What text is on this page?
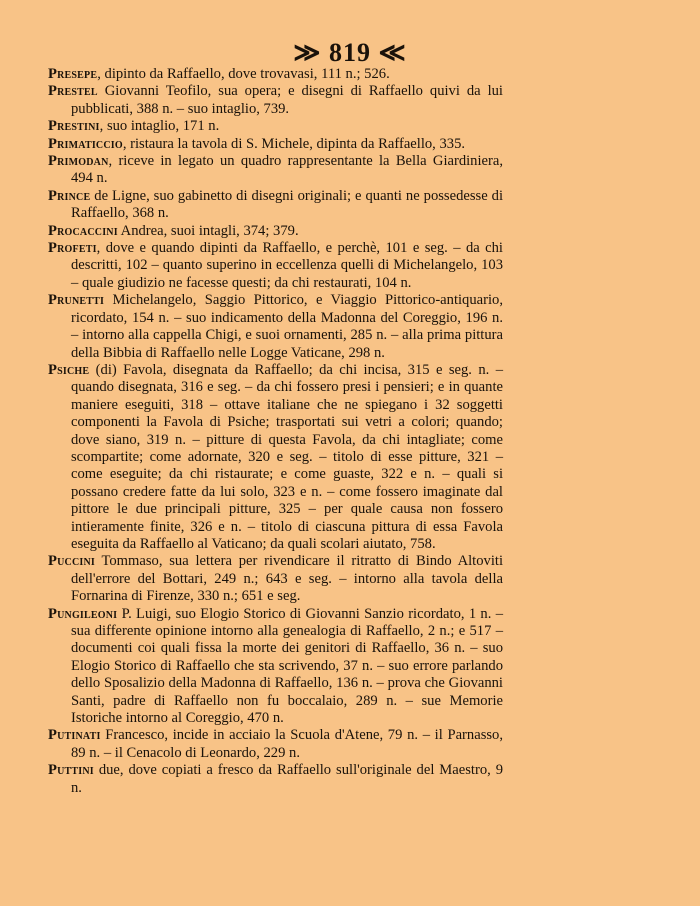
≫ 819 ≪

Presepe, dipinto da Raffaello, dove trovavasi, 111 n.; 526.

Prestel Giovanni Teofilo, sua opera; e disegni di Raffaello quivi da lui pubblicati, 388 n. – suo intaglio, 739.

Prestini, suo intaglio, 171 n.

Primaticcio, ristaura la tavola di S. Michele, dipinta da Raffaello, 335.

Primodan, riceve in legato un quadro rappresentante la Bella Giardiniera, 494 n.

Prince de Ligne, suo gabinetto di disegni originali; e quanti ne possedesse di Raffaello, 368 n.

Procaccini Andrea, suoi intagli, 374; 379.

Profeti, dove e quando dipinti da Raffaello, e perchè, 101 e seg. – da chi descritti, 102 – quanto superino in eccellenza quelli di Michelangelo, 103 – quale giudizio ne facesse questi; da chi restaurati, 104 n.

Prunetti Michelangelo, Saggio Pittorico, e Viaggio Pittorico-antiquario, ricordato, 154 n. – suo indicamento della Madonna del Coreggio, 196 n. – intorno alla cappella Chigi, e suoi ornamenti, 285 n. – alla prima pittura della Bibbia di Raffaello nelle Logge Vaticane, 298 n.

Psiche (di) Favola, disegnata da Raffaello; da chi incisa, 315 e seg. n. – quando disegnata, 316 e seg. – da chi fossero presi i pensieri; e in quante maniere eseguiti, 318 – ottave italiane che ne spiegano i 32 soggetti componenti la Favola di Psiche; trasportati sui vetri a colori; quando; dove siano, 319 n. – pitture di questa Favola, da chi intagliate; come scompartite; come adornate, 320 e seg. – titolo di esse pitture, 321 – come eseguite; da chi ristaurate; e come guaste, 322 e n. – quali si possano credere fatte da lui solo, 323 e n. – come fossero imaginate dal pittore le due principali pitture, 325 – per quale causa non fossero intieramente finite, 326 e n. – titolo di ciascuna pittura di essa Favola eseguita da Raffaello al Vaticano; da quali scolari aiutato, 758.

Puccini Tommaso, sua lettera per rivendicare il ritratto di Bindo Altoviti dell'errore del Bottari, 249 n.; 643 e seg. – intorno alla tavola della Fornarina di Firenze, 330 n.; 651 e seg.

Pungileoni P. Luigi, suo Elogio Storico di Giovanni Sanzio ricordato, 1 n. – sua differente opinione intorno alla genealogia di Raffaello, 2 n.; e 517 – documenti coi quali fissa la morte dei genitori di Raffaello, 36 n. – suo Elogio Storico di Raffaello che sta scrivendo, 37 n. – suo errore parlando dello Sposalizio della Madonna di Raffaello, 136 n. – prova che Giovanni Santi, padre di Raffaello non fu boccalaio, 289 n. – sue Memorie Istoriche intorno al Coreggio, 470 n.

Putinati Francesco, incide in acciaio la Scuola d'Atene, 79 n. – il Parnasso, 89 n. – il Cenacolo di Leonardo, 229 n.

Puttini due, dove copiati a fresco da Raffaello sull'originale del Maestro, 9 n.
